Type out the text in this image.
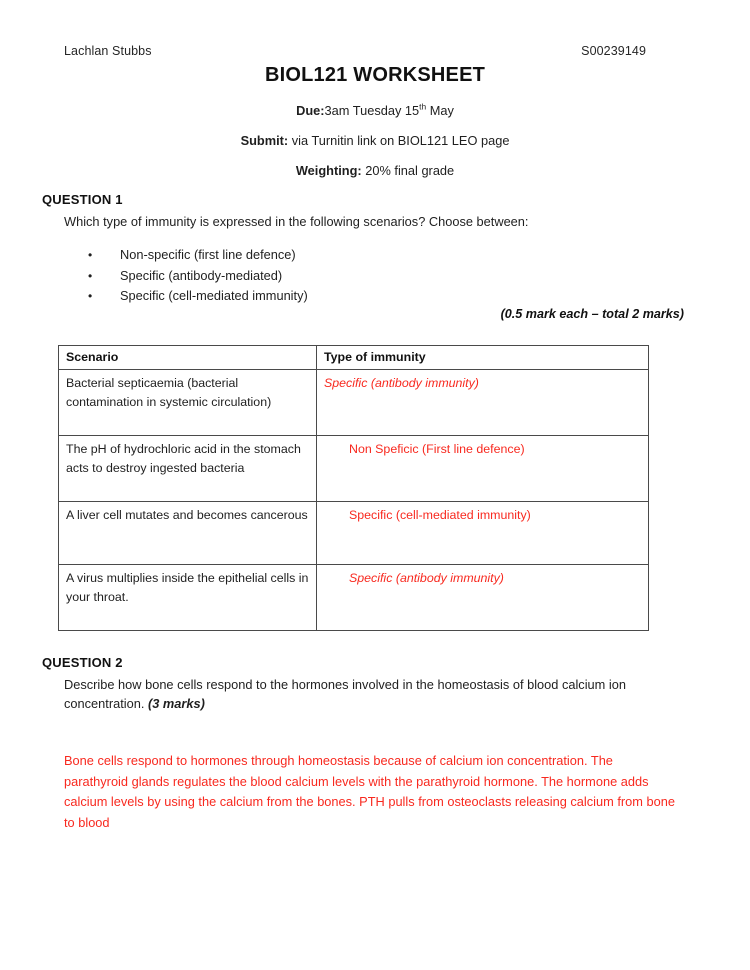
Lachlan Stubbs	S00239149
BIOL121 WORKSHEET
Due:3am Tuesday 15th May
Submit: via Turnitin link on BIOL121 LEO page
Weighting: 20% final grade
QUESTION 1
Which type of immunity is expressed in the following scenarios? Choose between:
• Non-specific (first line defence)
• Specific (antibody-mediated)
• Specific (cell-mediated immunity)
(0.5 mark each – total 2 marks)
Scenario	Type of immunity
Bacterial septicaemia (bacterial contamination in systemic circulation)	Specific (antibody immunity)
The pH of hydrochloric acid in the stomach acts to destroy ingested bacteria	Non Speficic (First line defence)

A liver cell mutates and becomes cancerous	Specific (cell-mediated immunity)

A virus multiplies inside the epithelial cells in your throat.	Specific (antibody immunity)
QUESTION 2
Describe how bone cells respond to the hormones involved in the homeostasis of blood calcium ion concentration. (3 marks)
Bone cells respond to hormones through homeostasis because of calcium ion concentration. The parathyroid glands regulates the blood calcium levels with the parathyroid hormone. The hormone adds calcium levels by using the calcium from the bones. PTH pulls from osteoclasts releasing calcium from bone to blood
